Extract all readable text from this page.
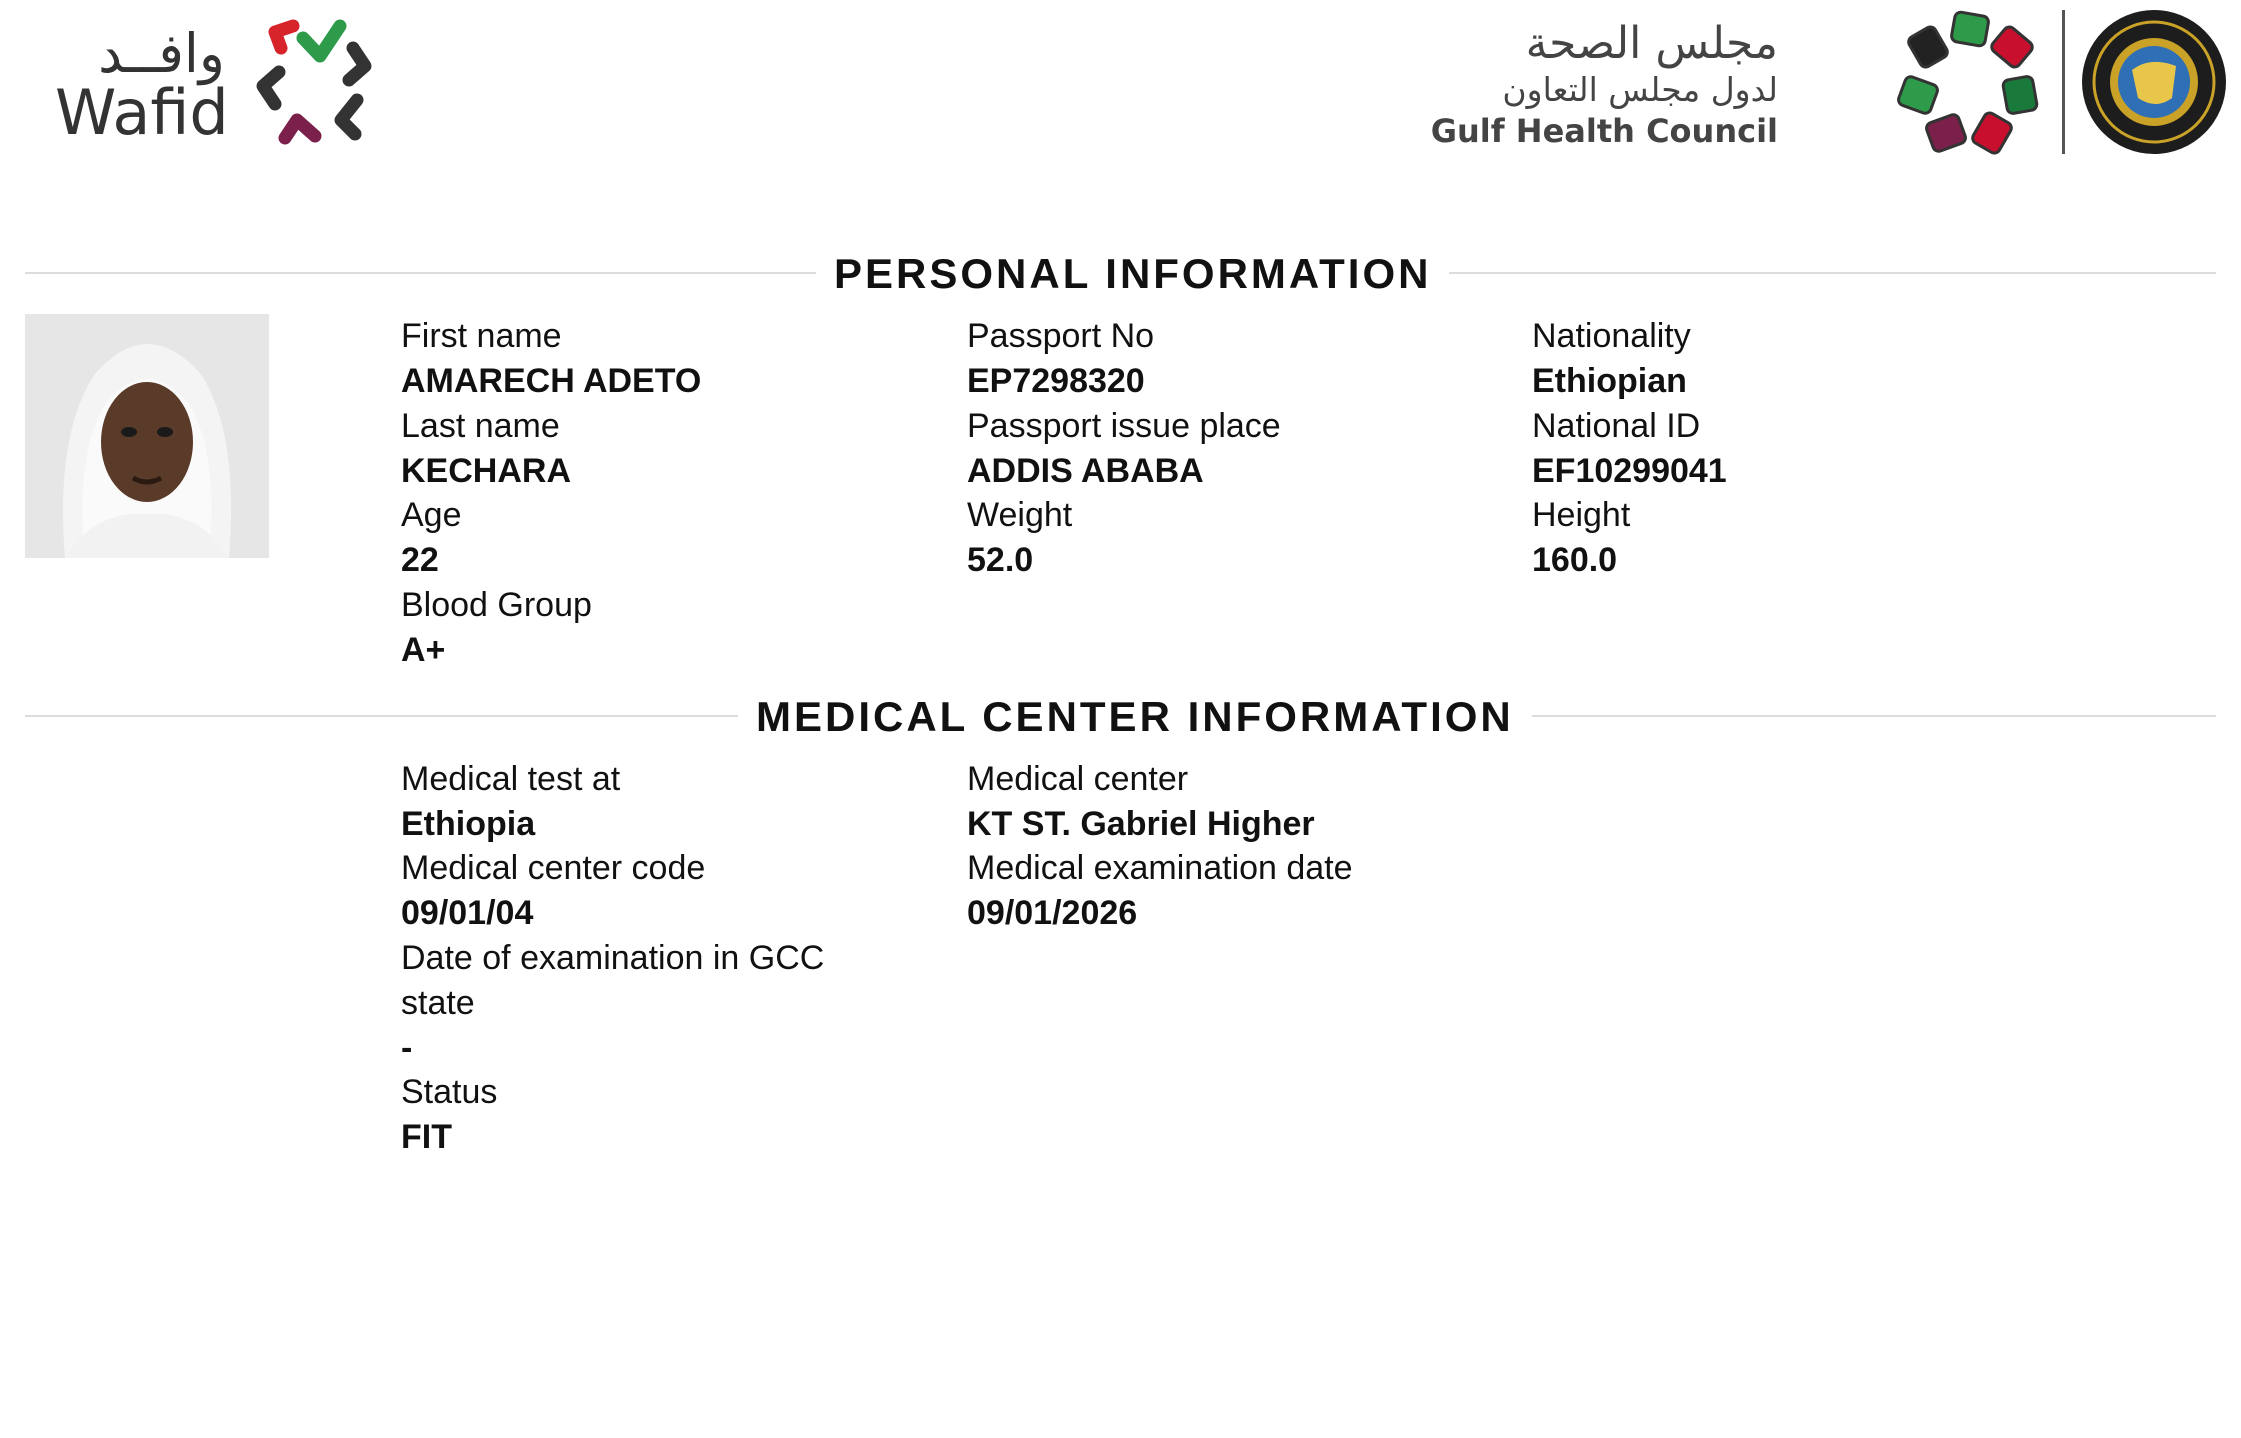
وافــد
Wafid
مجلس الصحة
لدول مجلس التعاون
Gulf Health Council
PERSONAL INFORMATION
First name
AMARECH ADETO
Last name
KECHARA
Age
22
Blood Group
A+
Passport No
EP7298320
Passport issue place
ADDIS ABABA
Weight
52.0
Nationality
Ethiopian
National ID
EF10299041
Height
160.0
MEDICAL CENTER INFORMATION
Medical test at
Ethiopia
Medical center code
09/01/04
Date of examination in GCC
state
-
Status
FIT
Medical center
KT ST. Gabriel Higher
Medical examination date
09/01/2026
